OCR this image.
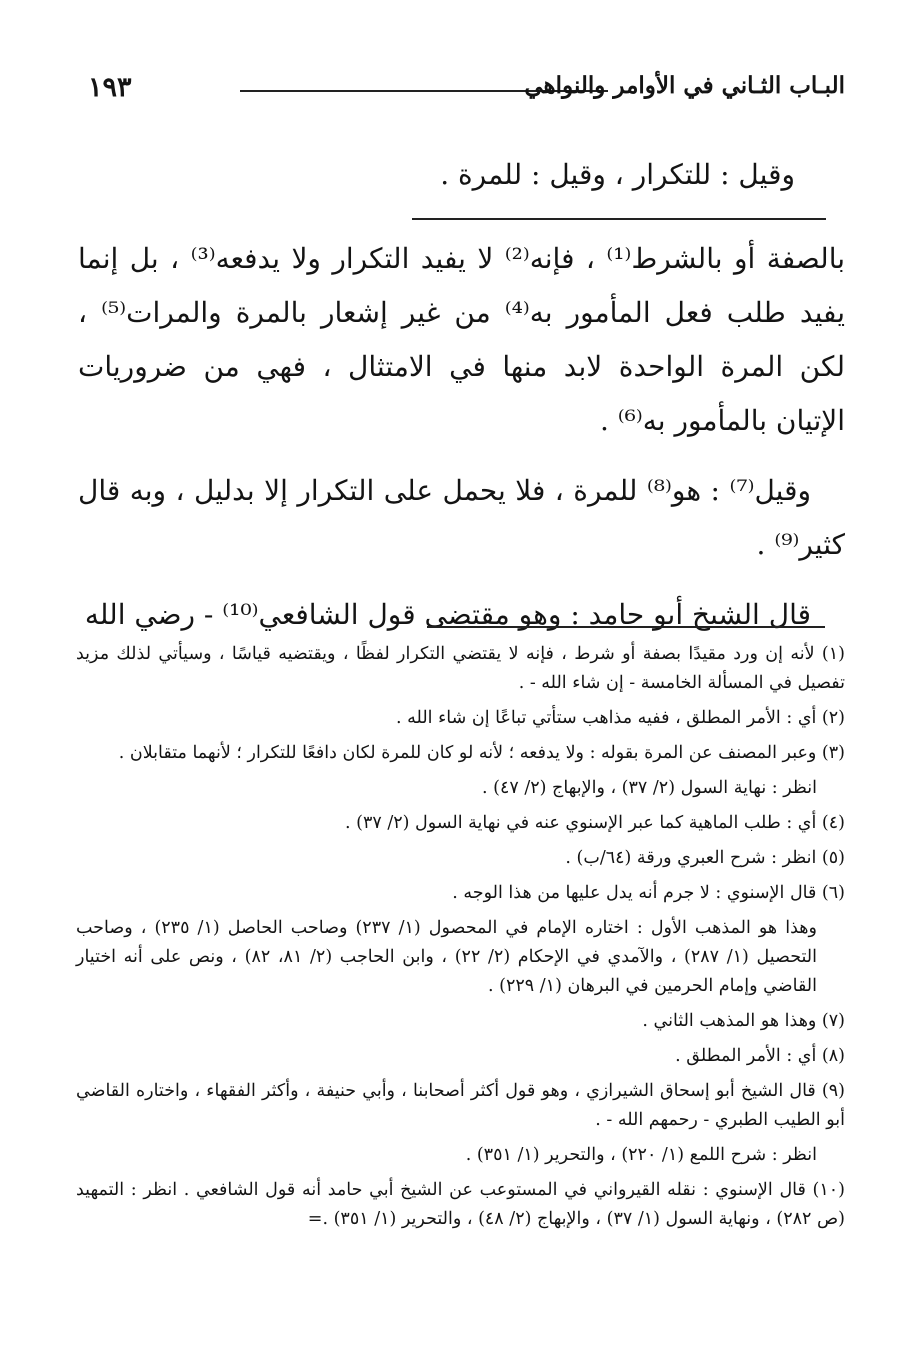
١٩٣	البـاب الثـاني في الأوامر والنواهي
وقيل : للتكرار ، وقيل : للمرة .

بالصفة أو بالشرط⁽¹⁾ ، فإنه⁽²⁾ لا يفيد التكرار ولا يدفعه⁽³⁾ ، بل إنما يفيد طلب فعل المأمور به⁽⁴⁾ من غير إشعار بالمرة والمرات⁽⁵⁾ ، لكن المرة الواحدة لابد منها في الامتثال ، فهي من ضروريات الإتيان بالمأمور به⁽⁶⁾ .

وقيل⁽⁷⁾ : هو⁽⁸⁾ للمرة ، فلا يحمل على التكرار إلا بدليل ، وبه قال كثير⁽⁹⁾ .

قال الشيخ أبو حامد : وهو مقتضى قول الشافعي⁽¹⁰⁾ - رضي الله

(١) لأنه إن ورد مقيدًا بصفة أو شرط ، فإنه لا يقتضي التكرار لفظًا ، ويقتضيه قياسًا ، وسيأتي لذلك مزيد تفصيل في المسألة الخامسة - إن شاء الله - .

(٢) أي : الأمر المطلق ، ففيه مذاهب ستأتي تباعًا إن شاء الله .

(٣) وعبر المصنف عن المرة بقوله : ولا يدفعه ؛ لأنه لو كان للمرة لكان دافعًا للتكرار ؛ لأنهما متقابلان .

انظر : نهاية السول (٢/ ٣٧) ، والإبهاج (٢/ ٤٧) .

(٤) أي : طلب الماهية كما عبر الإسنوي عنه في نهاية السول (٢/ ٣٧) .

(٥) انظر : شرح العبري ورقة (٦٤/ب) .

(٦) قال الإسنوي : لا جرم أنه يدل عليها من هذا الوجه .

وهذا هو المذهب الأول : اختاره الإمام في المحصول (١/ ٢٣٧) وصاحب الحاصل (١/ ٢٣٥) ، وصاحب التحصيل (١/ ٢٨٧) ، والآمدي في الإحكام (٢/ ٢٢) ، وابن الحاجب (٢/ ٨١، ٨٢) ، ونص على أنه اختيار القاضي وإمام الحرمين في البرهان (١/ ٢٢٩) .

(٧) وهذا هو المذهب الثاني .

(٨) أي : الأمر المطلق .

(٩) قال الشيخ أبو إسحاق الشيرازي ، وهو قول أكثر أصحابنا ، وأبي حنيفة ، وأكثر الفقهاء ، واختاره القاضي أبو الطيب الطبري - رحمهم الله - .

انظر : شرح اللمع (١/ ٢٢٠) ، والتحرير (١/ ٣٥١) .

(١٠) قال الإسنوي : نقله القيرواني في المستوعب عن الشيخ أبي حامد أنه قول الشافعي . انظر : التمهيد (ص ٢٨٢) ، ونهاية السول (١/ ٣٧) ، والإبهاج (٢/ ٤٨) ، والتحرير (١/ ٣٥١) .=
